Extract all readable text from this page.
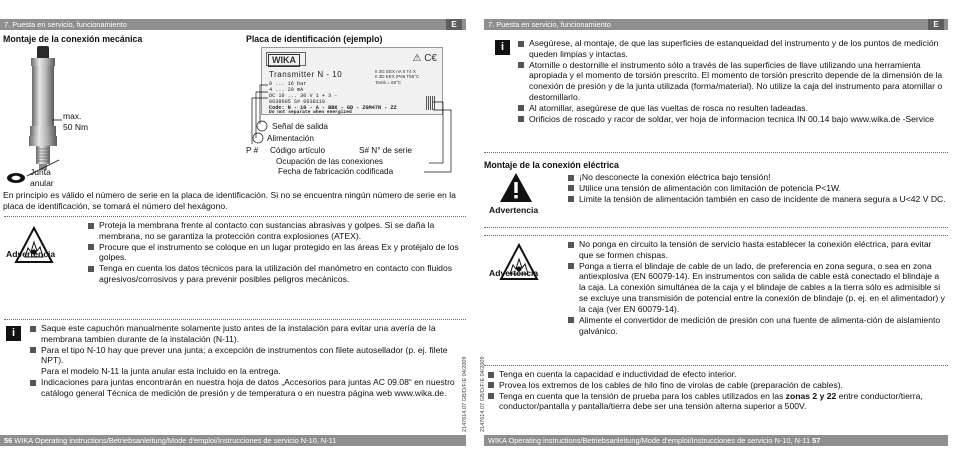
7. Puesta en servicio, funcionamiento	E
Montaje de la conexión mecánica	Placa de identificación (ejemplo)
max.
50 Nm
Junta
anular
WIKA	⚠ C€
Transmitter N - 10	II 3G EEX nA II T4 X
II 3D EEX IP65 T85°C
Tamb = 60°C
0 ... 16 bar
4 ... 20 mA
DC 10 ... 30 V 1 + 3 -
0638605 S# 0638110
Code: N - 10 - A - BBK - GD - ZGM47N - ZZ
Do not separate when energized
Señal de salida
Alimentación
P # Código artículo	S# N° de serie
Ocupación de las conexiones
Fecha de fabricación codificada
En principio es válido el número de serie en la placa de identificación. Si no se encuentra ningún número de serie en la placa de identificación, se tomará el número del hexágono.
Advertencia
Proteja la membrana frente al contacto con sustancias abrasivas y golpes. Si se daña la membrana, no se garantiza la protección contra explosiones (ATEX).
Procure que el instrumento se coloque en un lugar protegido en las áreas Ex y protéjalo de los golpes.
Tenga en cuenta los datos técnicos para la utilización del manómetro en contacto con fluidos agresivos/corrosivos y para prevenir posibles peligros mecánicos.
i	Saque este capuchón manualmente solamente justo antes de la instalación para evitar una avería de la membrana tambien durante de la instalación (N-11).
Para el tipo N-10 hay que prever una junta; a excepción de instrumentos con filete autosellador (p. ej. filete NPT).
Para el modelo N-11 la junta anular esta incluido en la entrega.
Indicaciones para juntas encontrarán en nuestra hoja de datos „Accesorios para juntas AC 09.08“ en nuestro catálogo general Técnica de medición de presión y de temperatura o en nuestra página web www.wika.de.
56 WIKA Operating instructions/Betriebsanleitung/Mode d'emploi/Instrucciones de servicio N-10, N-11
2147614.07 GB/D/F/E 04/2009 2147614.07 GB/D/F/E 04/2009
7. Puesta en servicio, funcionamiento	E
i	Asegúrese, al montaje, de que las superficies de estanqueidad del instrumento y de los puntos de medición queden limpias y intactas.
Atornille o destornille el instrumento sólo a través de las superficies de llave utilizando una herramienta apropiada y el momento de torsión prescrito. El momento de torsión prescrito depende de la dimensión de la conexión de presión y de la junta utilizada (forma/material). No utilize la caja del instrumento para atornillar o destornillarlo.
Al atornillar, asegúrese de que las vueltas de rosca no resulten ladeadas.
Orificios de roscado y racor de soldar, ver hoja de informacion tecnica IN 00.14 bajo www.wika.de -Service
Montaje de la conexión eléctrica
Advertencia
¡No desconecte la conexión eléctrica bajo tensión!
Utilice una tensión de alimentación con limitación de potencia P<1W.
Limite la tensión de alimentación también en caso de incidente de manera segura a U<42 V DC.
Advertencia
No ponga en circuito la tensión de servicio hasta establecer la conexión eléctrica, para evitar que se formen chispas.
Ponga a tierra el blindaje de cable de un lado, de preferencia en zona segura, o sea en zona antiexplosiva (EN 60079-14). En instrumentos con salida de cable está conectado el blindaje a la caja. La conexión simultánea de la caja y el blindaje de cables a la tierra sólo es admisible si se excluye una transmisión de potencial entre la conexión de blindaje (p. ej. en el alimentador) y la caja (ver EN 60079-14).
Alimente el convertidor de medición de presión con una fuente de alimenta-ción de aislamiento galvánico.
Tenga en cuenta la capacidad e inductividad de efecto interior.
Provea los extremos de los cables de hilo fino de virolas de cable (preparación de cables).
Tenga en cuenta que la tensión de prueba para los cables utilizados en las zonas 2 y 22 entre conductor/tierra, conductor/pantalla y pantalla/tierra debe ser una tensión alterna superior a 500V.
WIKA Operating instructions/Betriebsanleitung/Mode d'emploi/Instrucciones de servicio N-10, N-11 57
